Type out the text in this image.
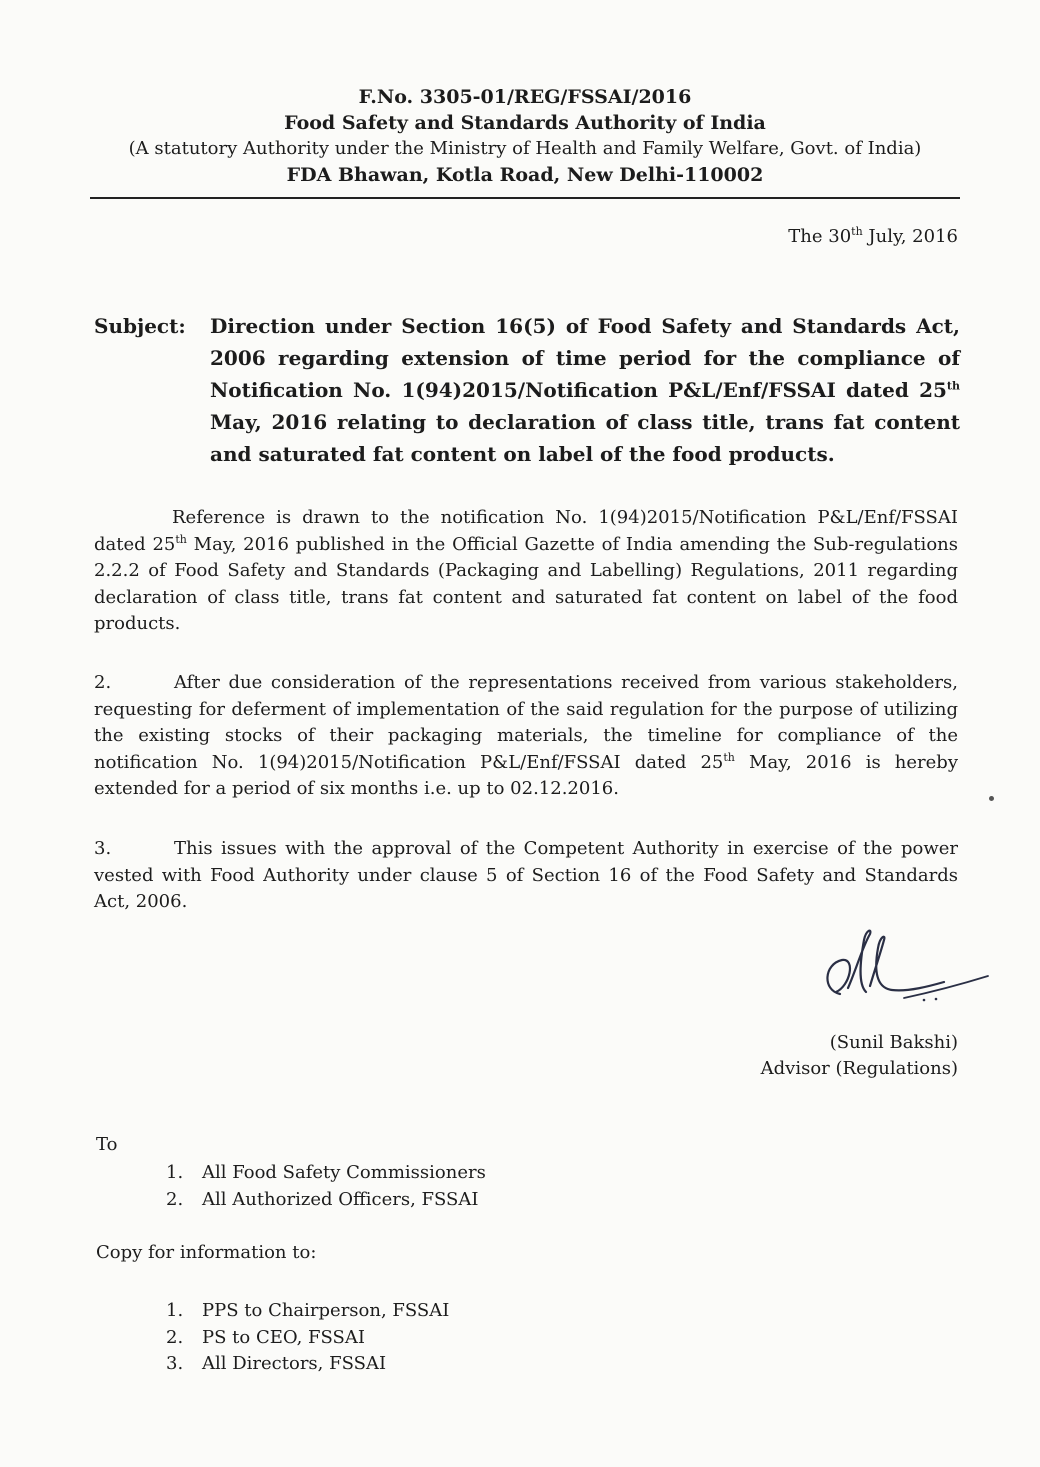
F.No. 3305-01/REG/FSSAI/2016
Food Safety and Standards Authority of India
(A statutory Authority under the Ministry of Health and Family Welfare, Govt. of India)
FDA Bhawan, Kotla Road, New Delhi-110002
The 30th July, 2016
Subject: Direction under Section 16(5) of Food Safety and Standards Act, 2006 regarding extension of time period for the compliance of Notification No. 1(94)2015/Notification P&L/Enf/FSSAI dated 25th May, 2016 relating to declaration of class title, trans fat content and saturated fat content on label of the food products.
Reference is drawn to the notification No. 1(94)2015/Notification P&L/Enf/FSSAI dated 25th May, 2016 published in the Official Gazette of India amending the Sub-regulations 2.2.2 of Food Safety and Standards (Packaging and Labelling) Regulations, 2011 regarding declaration of class title, trans fat content and saturated fat content on label of the food products.
2.	After due consideration of the representations received from various stakeholders, requesting for deferment of implementation of the said regulation for the purpose of utilizing the existing stocks of their packaging materials, the timeline for compliance of the notification No. 1(94)2015/Notification P&L/Enf/FSSAI dated 25th May, 2016 is hereby extended for a period of six months i.e. up to 02.12.2016.
3.	This issues with the approval of the Competent Authority in exercise of the power vested with Food Authority under clause 5 of Section 16 of the Food Safety and Standards Act, 2006.
(Sunil Bakshi)
Advisor (Regulations)
To
1. All Food Safety Commissioners
2. All Authorized Officers, FSSAI
Copy for information to:
1. PPS to Chairperson, FSSAI
2. PS to CEO, FSSAI
3. All Directors, FSSAI
